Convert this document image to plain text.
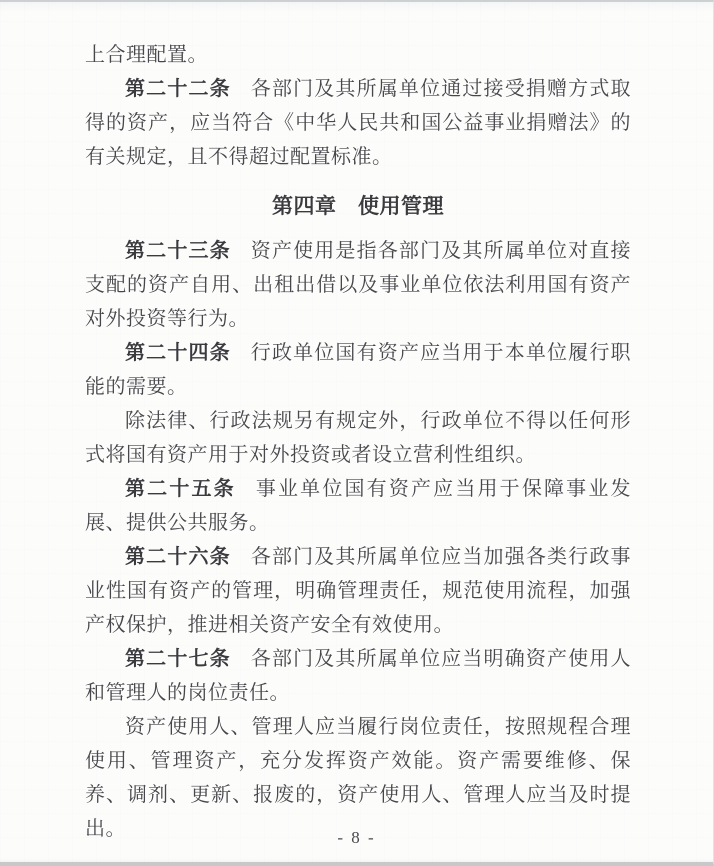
上合理配置。

第二十二条 各部门及其所属单位通过接受捐赠方式取得的资产，应当符合《中华人民共和国公益事业捐赠法》的有关规定，且不得超过配置标准。

第四章　使用管理

第二十三条 资产使用是指各部门及其所属单位对直接支配的资产自用、出租出借以及事业单位依法利用国有资产对外投资等行为。

第二十四条 行政单位国有资产应当用于本单位履行职能的需要。

除法律、行政法规另有规定外，行政单位不得以任何形式将国有资产用于对外投资或者设立营利性组织。

第二十五条 事业单位国有资产应当用于保障事业发展、提供公共服务。

第二十六条 各部门及其所属单位应当加强各类行政事业性国有资产的管理，明确管理责任，规范使用流程，加强产权保护，推进相关资产安全有效使用。

第二十七条 各部门及其所属单位应当明确资产使用人和管理人的岗位责任。

资产使用人、管理人应当履行岗位责任，按照规程合理使用、管理资产，充分发挥资产效能。资产需要维修、保养、调剂、更新、报废的，资产使用人、管理人应当及时提出。	- 8 -
